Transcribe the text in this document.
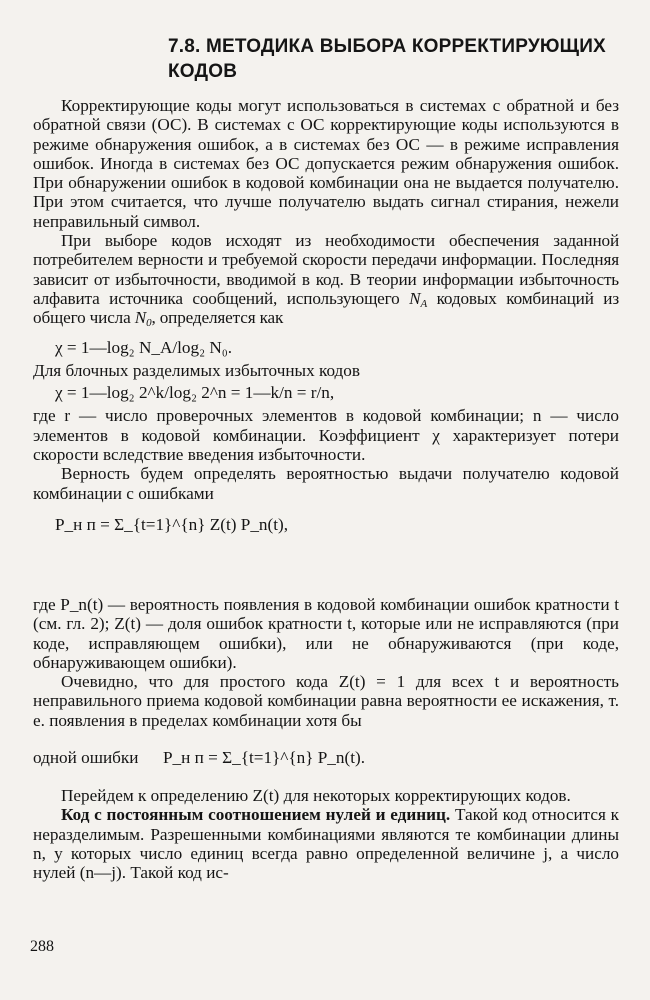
7.8. МЕТОДИКА ВЫБОРА КОРРЕКТИРУЮЩИХ
КОДОВ

Корректирующие коды могут использоваться в системах с обратной и без обратной связи (ОС). В системах с ОС корректирующие коды используются в режиме обнаружения ошибок, а в системах без ОС — в режиме исправления ошибок. Иногда в системах без ОС допускается режим обнаружения ошибок. При обнаружении ошибок в кодовой комбинации она не выдается получателю. При этом считается, что лучше получателю выдать сигнал стирания, нежели неправильный символ.

При выборе кодов исходят из необходимости обеспечения заданной потребителем верности и требуемой скорости передачи информации. Последняя зависит от избыточности, вводимой в код. В теории информации избыточность алфавита источника сообщений, использующего $N_A$ кодовых комбинаций из общего числа $N_0$, определяется как

χ = 1—log₂ N_A/log₂ N₀.

Для блочных разделимых избыточных кодов

χ = 1—log₂ 2^k/log₂ 2^n = 1—k/n = r/n,

где r — число проверочных элементов в кодовой комбинации; n — число элементов в кодовой комбинации. Коэффициент χ характеризует потери скорости вследствие введения избыточности.

Верность будем определять вероятностью выдачи получателю кодовой комбинации с ошибками

P_н п = Σ_{t=1}^{n} Z(t) P_n(t),

где P_n(t) — вероятность появления в кодовой комбинации ошибок кратности t (см. гл. 2); Z(t) — доля ошибок кратности t, которые или не исправляются (при коде, исправляющем ошибки), или не обнаруживаются (при коде, обнаруживающем ошибки).

Очевидно, что для простого кода Z(t) = 1 для всех t и вероятность неправильного приема кодовой комбинации равна вероятности ее искажения, т. е. появления в пределах комбинации хотя бы

одной ошибки P_н п = Σ_{t=1}^{n} P_n(t).

Перейдем к определению Z(t) для некоторых корректирующих кодов.

Код с постоянным соотношением нулей и единиц. Такой код относится к неразделимым. Разрешенными комбинациями являются те комбинации длины n, у которых число единиц всегда равно определенной величине j, а число нулей (n—j). Такой код ис-

288
